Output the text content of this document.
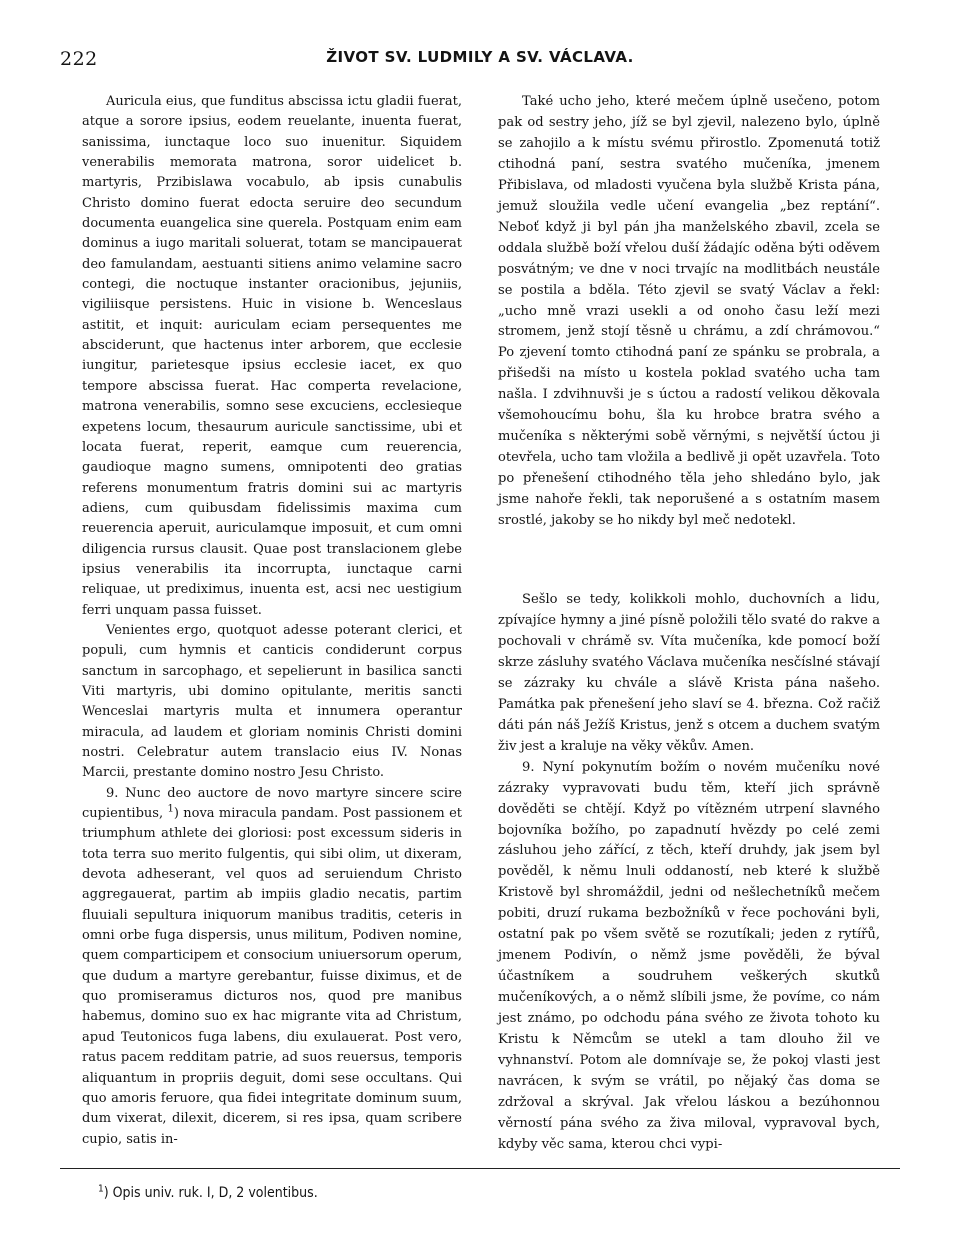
222	ŽIVOT SV. LUDMILY A SV. VÁCLAVA.

Auricula eius, que funditus abscissa ictu gladii fuerat, atque a sorore ipsius, eodem reuelante, inuenta fuerat, sanissima, iunctaque loco suo inuenitur. Siquidem venerabilis memorata matrona, soror uidelicet b. martyris, Przibislawa vocabulo, ab ipsis cunabulis Christo domino fuerat edocta seruire deo secundum documenta euangelica sine querela. Postquam enim eam dominus a iugo maritali soluerat, totam se mancipauerat deo famulandam, aestuanti sitiens animo velamine sacro contegi, die noctuque instanter oracionibus, jejuniis, vigiliisque persistens. Huic in visione b. Wenceslaus astitit, et inquit: auriculam eciam persequentes me absciderunt, que hactenus inter arborem, que ecclesie iungitur, parietesque ipsius ecclesie iacet, ex quo tempore abscissa fuerat. Hac comperta revelacione, matrona venerabilis, somno sese excuciens, ecclesieque expetens locum, thesaurum auricule sanctissime, ubi et locata fuerat, reperit, eamque cum reuerencia, gaudioque magno sumens, omnipotenti deo gratias referens monumentum fratris domini sui ac martyris adiens, cum quibusdam fidelissimis maxima cum reuerencia aperuit, auriculamque imposuit, et cum omni diligencia rursus clausit. Quae post translacionem glebe ipsius venerabilis ita incorrupta, iunctaque carni reliquae, ut prediximus, inuenta est, acsi nec uestigium ferri unquam passa fuisset.

Venientes ergo, quotquot adesse poterant clerici, et populi, cum hymnis et canticis condiderunt corpus sanctum in sarcophago, et sepelierunt in basilica sancti Viti martyris, ubi domino opitulante, meritis sancti Wenceslai martyris multa et innumera operantur miracula, ad laudem et gloriam nominis Christi domini nostri. Celebratur autem translacio eius IV. Nonas Marcii, prestante domino nostro Jesu Christo.

9. Nunc deo auctore de novo martyre sincere scire cupientibus, $^1$) nova miracula pandam. Post passionem et triumphum athlete dei gloriosi: post excessum sideris in tota terra suo merito fulgentis, qui sibi olim, ut dixeram, devota adheserant, vel quos ad seruiendum Christo aggregauerat, partim ab impiis gladio necatis, partim fluuiali sepultura iniquorum manibus traditis, ceteris in omni orbe fuga dispersis, unus militum, Podiven nomine, quem comparticipem et consocium uniuersorum operum, que dudum a martyre gerebantur, fuisse diximus, et de quo promiseramus dicturos nos, quod pre manibus habemus, domino suo ex hac migrante vita ad Christum, apud Teutonicos fuga labens, diu exulauerat. Post vero, ratus pacem redditam patrie, ad suos reuersus, temporis aliquantum in propriis deguit, domi sese occultans. Qui quo amoris feruore, qua fidei integritate dominum suum, dum vixerat, dilexit, dicerem, si res ipsa, quam scribere cupio, satis in-

Také ucho jeho, které mečem úplně usečeno, potom pak od sestry jeho, jíž se byl zjevil, nalezeno bylo, úplně se zahojilo a k místu svému přirostlo. Zpomenutá totiž ctihodná paní, sestra svatého mučeníka, jmenem Přibislava, od mladosti vyučena byla službě Krista pána, jemuž sloužila vedle učení evangelia „bez reptání“. Neboť když ji byl pán jha manželského zbavil, zcela se oddala službě boží vřelou duší žádajíc oděna býti oděvem posvátným; ve dne v noci trvajíc na modlitbách neustále se postila a bděla. Této zjevil se svatý Václav a řekl: „ucho mně vrazi usekli a od onoho času leží mezi stromem, jenž stojí těsně u chrámu, a zdí chrámovou.“ Po zjevení tomto ctihodná paní ze spánku se probrala, a přišedši na místo u kostela poklad svatého ucha tam našla. I zdvihnuvši je s úctou a radostí velikou děkovala všemohoucímu bohu, šla ku hrobce bratra svého a mučeníka s některými sobě věrnými, s největší úctou ji otevřela, ucho tam vložila a bedlivě ji opět uzavřela. Toto po přenešení ctihodného těla jeho shledáno bylo, jak jsme nahoře řekli, tak neporušené a s ostatním masem srostlé, jakoby se ho nikdy byl meč nedotekl.

Sešlo se tedy, kolikkoli mohlo, duchovních a lidu, zpívajíce hymny a jiné písně položili tělo svaté do rakve a pochovali v chrámě sv. Víta mučeníka, kde pomocí boží skrze zásluhy svatého Václava mučeníka nesčíslné stávají se zázraky ku chvále a slávě Krista pána našeho. Památka pak přenešení jeho slaví se 4. března. Což račiž dáti pán náš Ježíš Kristus, jenž s otcem a duchem svatým živ jest a kraluje na věky věkův. Amen.

9. Nyní pokynutím božím o novém mučeníku nové zázraky vypravovati budu těm, kteří jich správně dověděti se chtějí. Když po vítězném utrpení slavného bojovníka božího, po zapadnutí hvězdy po celé zemi zásluhou jeho zářící, z těch, kteří druhdy, jak jsem byl pověděl, k němu lnuli oddaností, neb které k službě Kristově byl shromáždil, jedni od nešlechetníků mečem pobiti, druzí rukama bezbožníků v řece pochováni byli, ostatní pak po všem světě se rozutíkali; jeden z rytířů, jmenem Podivín, o němž jsme pověděli, že býval účastníkem a soudruhem veškerých skutků mučeníkových, a o němž slíbili jsme, že povíme, co nám jest známo, po odchodu pána svého ze života tohoto ku Kristu k Němcům se utekl a tam dlouho žil ve vyhnanství. Potom ale domnívaje se, že pokoj vlasti jest navrácen, k svým se vrátil, po nějaký čas doma se zdržoval a skrýval. Jak vřelou láskou a bezúhonnou věrností pána svého za živa miloval, vypravoval bych, kdyby věc sama, kterou chci vypi-

$^1$) Opis univ. ruk. I, D, 2 volentibus.
